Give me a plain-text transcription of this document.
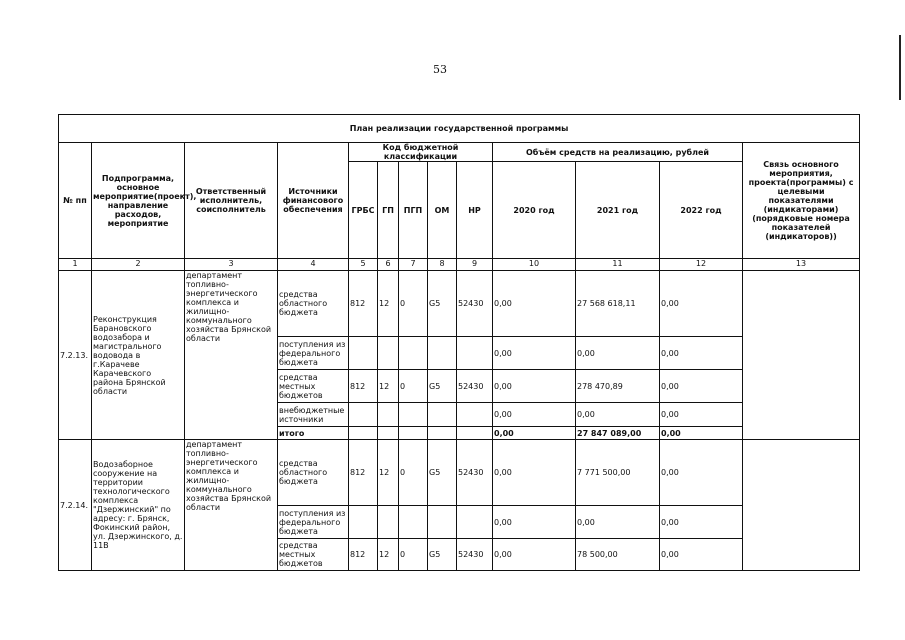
53
План реализации государственной программы												
№ пп	Подпрограмма, основное мероприятие(проект), направление расходов, мероприятие	Ответственный исполнитель, соисполнитель	Источники финансового обеспечения	Код бюджетной классификации					Объём средств на реализацию, рублей			Связь основного мероприятия, проекта(программы) с целевыми показателями (индикаторами) (порядковые номера показателей (индикаторов))
				ГРБС	ГП	ПГП	ОМ	НР	2020 год	2021 год	2022 год	
1	2	3	4	5	6	7	8	9	10	11	12	13
7.2.13.	Реконструкция Барановского водозабора и магистрального водовода в г.Карачеве Карачевского района Брянской области	департамент топливно-энергетического комплекса и жилищно-коммунального хозяйства Брянской области	средства областного бюджета	812	12	0	G5	52430	0,00	27 568 618,11	0,00	
			поступления из федерального бюджета						0,00	0,00	0,00	
			средства местных бюджетов	812	12	0	G5	52430	0,00	278 470,89	0,00	
			внебюджетные источники						0,00	0,00	0,00	
			итого						0,00	27 847 089,00	0,00	
7.2.14.	Водозаборное сооружение на территории технологического комплекса "Дзержинский" по адресу: г. Брянск, Фокинский район, ул. Дзержинского, д. 11В	департамент топливно-энергетического комплекса и жилищно-коммунального хозяйства Брянской области	средства областного бюджета	812	12	0	G5	52430	0,00	7 771 500,00	0,00	
			поступления из федерального бюджета						0,00	0,00	0,00	
			средства местных бюджетов	812	12	0	G5	52430	0,00	78 500,00	0,00	
